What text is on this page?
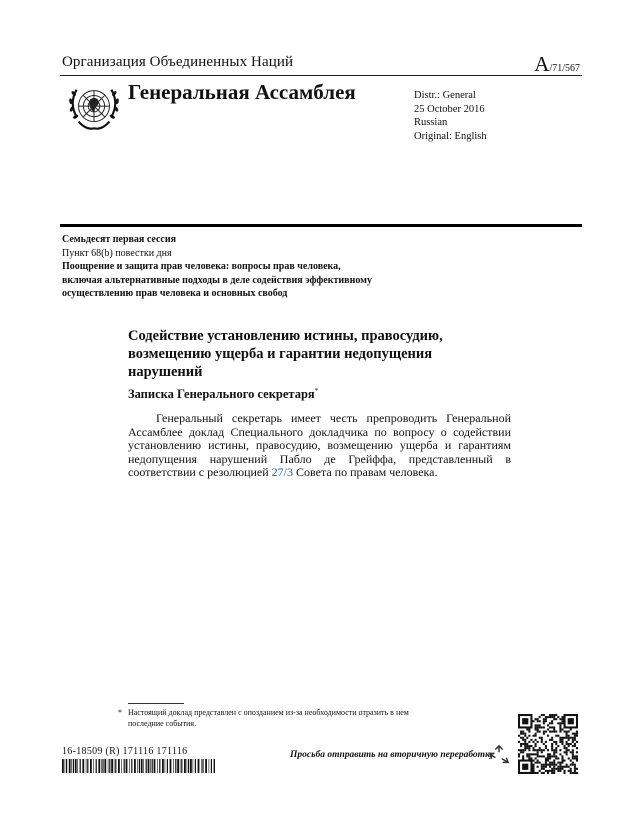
Организация Объединенных Наций	A/71/567
Генеральная Ассамблея	Distr.: General
25 October 2016
Russian
Original: English
Семьдесят первая сессия
Пункт 68(b) повестки дня
Поощрение и защита прав человека: вопросы прав человека, включая альтернативные подходы в деле содействия эффективному осуществлению прав человека и основных свобод
Содействие установлению истины, правосудию, возмещению ущерба и гарантии недопущения нарушений
Записка Генерального секретаря*
Генеральный секретарь имеет честь препроводить Генеральной Ассамблее доклад Специального докладчика по вопросу о содействии установлению истины, правосудию, возмещению ущерба и гарантиям недопущения нарушений Пабло де Грейффа, представленный в соответствии с резолюцией 27/3 Совета по правам человека.
* Настоящий доклад представлен с опозданием из-за необходимости отразить в нем
последние события.
16-18509 (R) 171116 171116	Просьба отправить на вторичную переработку
